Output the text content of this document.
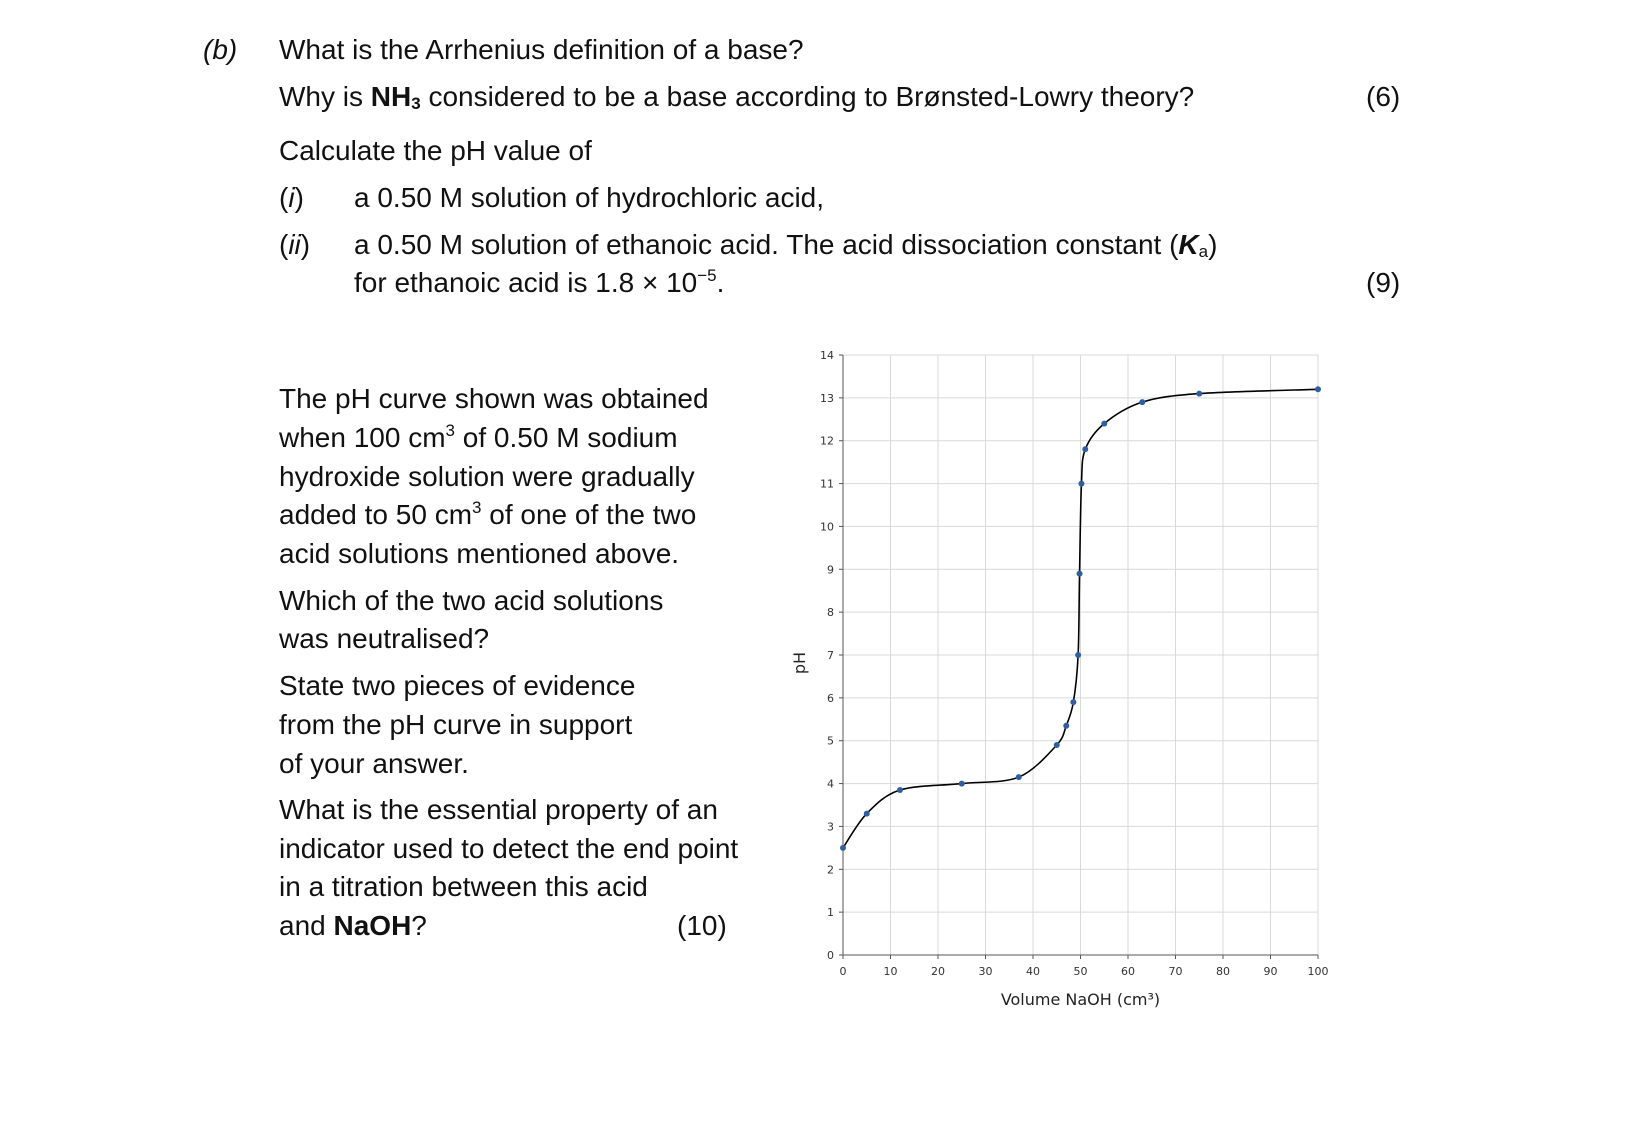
(b) What is the Arrhenius definition of a base?
Why is $NH_3$ considered to be a base according to Brønsted-Lowry theory?	(6)
Calculate the pH value of
(i) a 0.50 M solution of hydrochloric acid,
(ii) a 0.50 M solution of ethanoic acid. The acid dissociation constant $(K_a)$
for ethanoic acid is $1.8 \times 10^{-5}$.	(9)
The pH curve shown was obtained
when 100 $cm^3$ of 0.50 M sodium
hydroxide solution were gradually
added to 50 $cm^3$ of one of the two
acid solutions mentioned above.
Which of the two acid solutions
was neutralised?
State two pieces of evidence
from the pH curve in support
of your answer.
What is the essential property of an
indicator used to detect the end point
in a titration between this acid
and NaOH?	(10)
0
1
2
3
4
5
6
7
8
9
10
11
12
13
14
0	10	20	30	40	50	60	70	80	90	100
Volume NaOH (cm³)
pH
